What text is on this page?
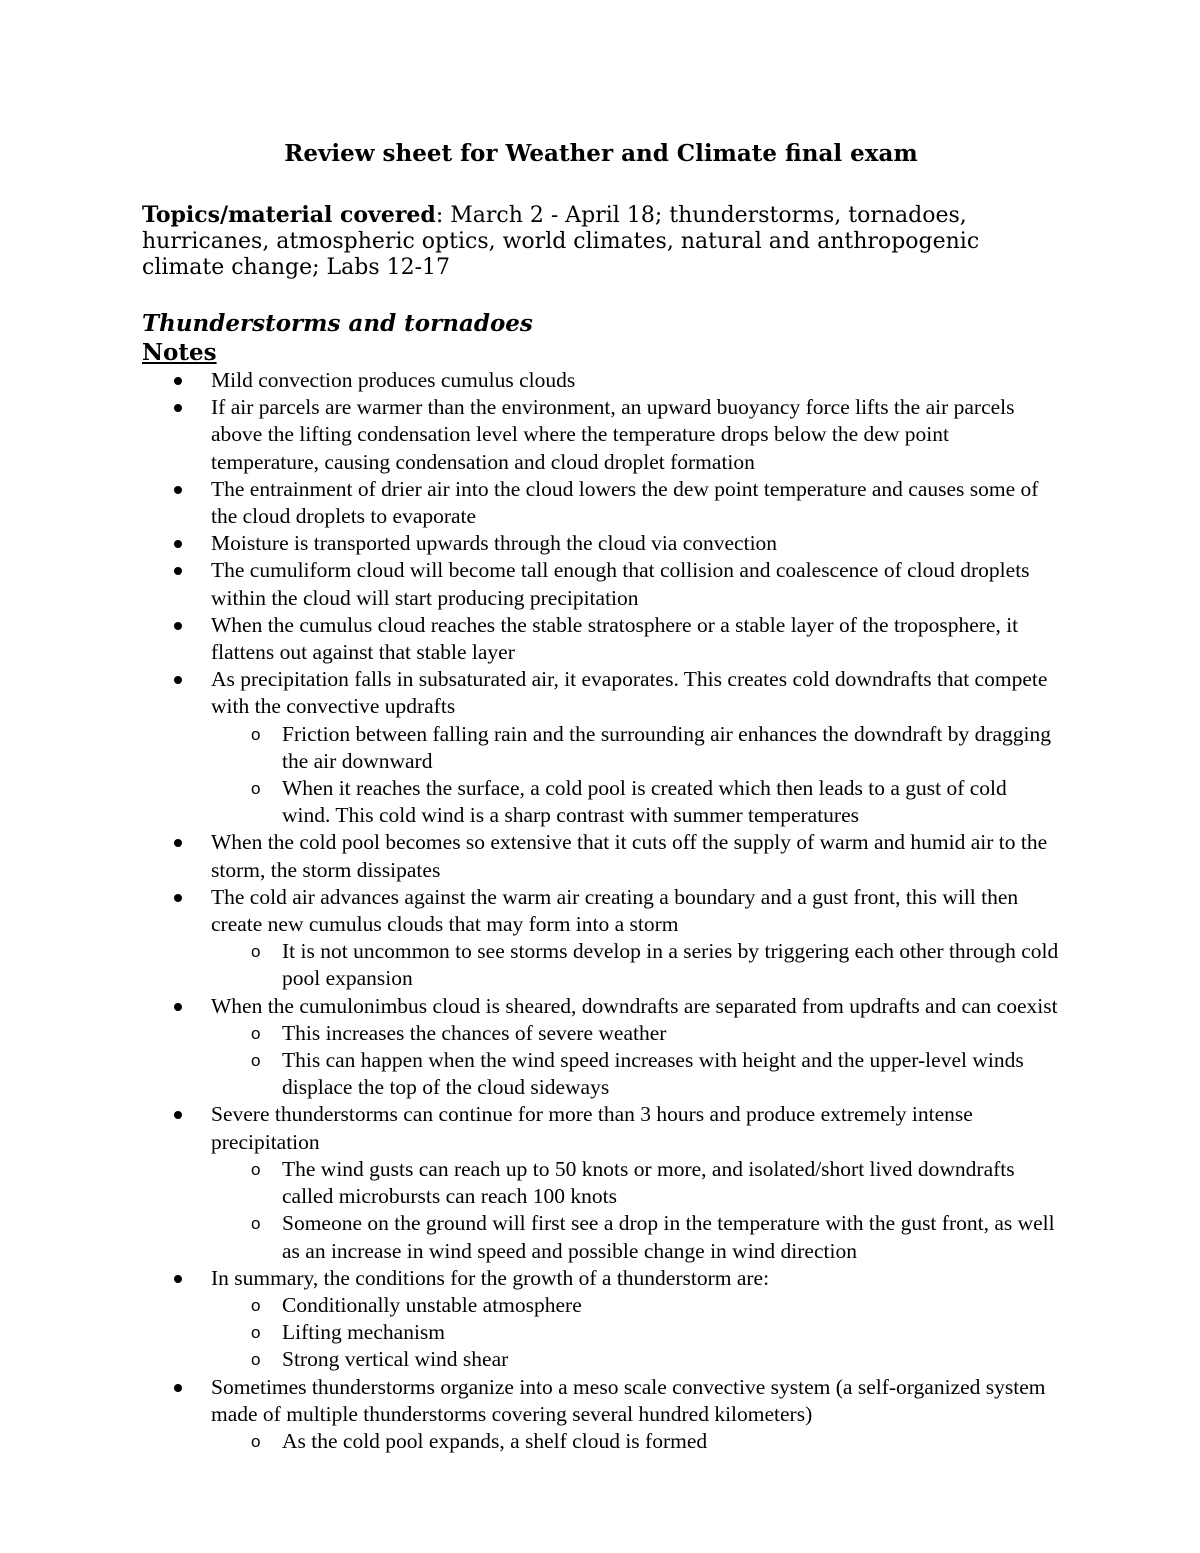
Review sheet for Weather and Climate final exam

Topics/material covered: March 2 - April 18; thunderstorms, tornadoes, hurricanes, atmospheric optics, world climates, natural and anthropogenic climate change; Labs 12-17

Thunderstorms and tornadoes
Notes
Mild convection produces cumulus clouds
If air parcels are warmer than the environment, an upward buoyancy force lifts the air parcels above the lifting condensation level where the temperature drops below the dew point temperature, causing condensation and cloud droplet formation
The entrainment of drier air into the cloud lowers the dew point temperature and causes some of the cloud droplets to evaporate
Moisture is transported upwards through the cloud via convection
The cumuliform cloud will become tall enough that collision and coalescence of cloud droplets within the cloud will start producing precipitation
When the cumulus cloud reaches the stable stratosphere or a stable layer of the troposphere, it flattens out against that stable layer
As precipitation falls in subsaturated air, it evaporates. This creates cold downdrafts that compete with the convective updrafts
o Friction between falling rain and the surrounding air enhances the downdraft by dragging the air downward
o When it reaches the surface, a cold pool is created which then leads to a gust of cold wind. This cold wind is a sharp contrast with summer temperatures
When the cold pool becomes so extensive that it cuts off the supply of warm and humid air to the storm, the storm dissipates
The cold air advances against the warm air creating a boundary and a gust front, this will then create new cumulus clouds that may form into a storm
o It is not uncommon to see storms develop in a series by triggering each other through cold pool expansion
When the cumulonimbus cloud is sheared, downdrafts are separated from updrafts and can coexist
o This increases the chances of severe weather
o This can happen when the wind speed increases with height and the upper-level winds displace the top of the cloud sideways
Severe thunderstorms can continue for more than 3 hours and produce extremely intense precipitation
o The wind gusts can reach up to 50 knots or more, and isolated/short lived downdrafts called microbursts can reach 100 knots
o Someone on the ground will first see a drop in the temperature with the gust front, as well as an increase in wind speed and possible change in wind direction
In summary, the conditions for the growth of a thunderstorm are:
o Conditionally unstable atmosphere
o Lifting mechanism
o Strong vertical wind shear
Sometimes thunderstorms organize into a meso scale convective system (a self-organized system made of multiple thunderstorms covering several hundred kilometers)
o As the cold pool expands, a shelf cloud is formed
